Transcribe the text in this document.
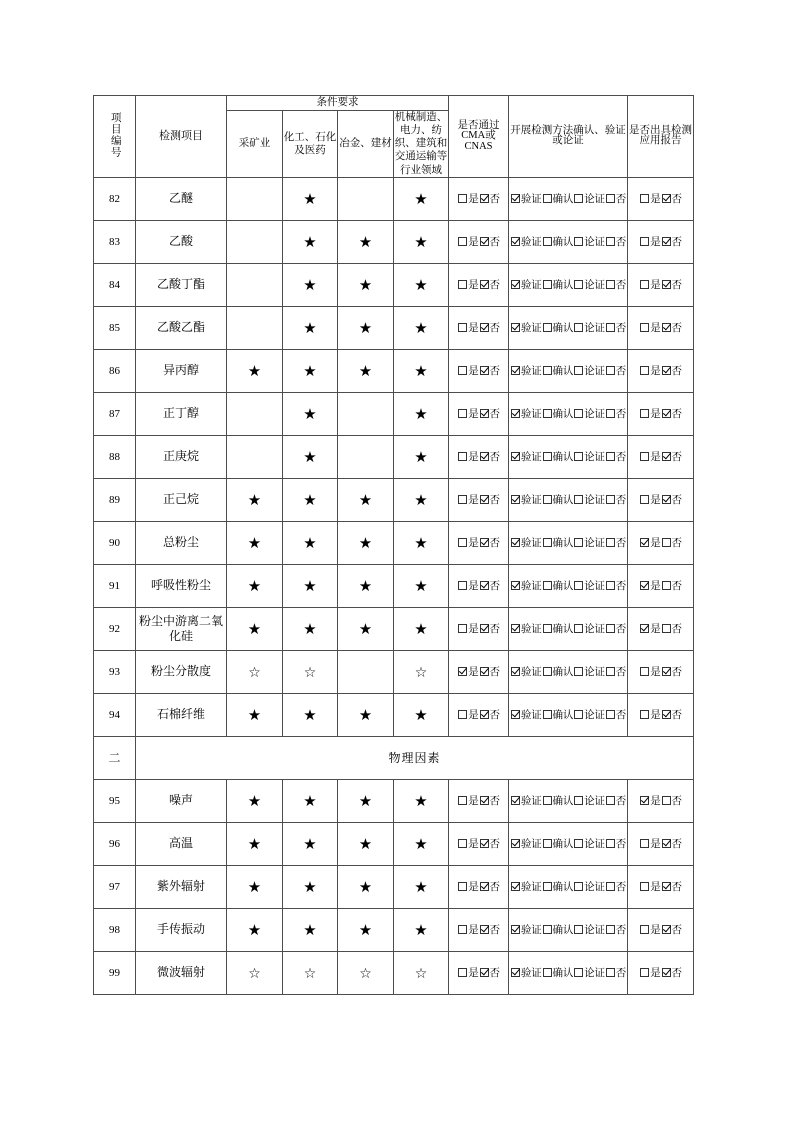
项目编号	检测项目	条件要求				是否通过CMA或CNAS	开展检测方法确认、验证或论证	是否出具检测应用报告
		采矿业	化工、石化及医药	冶金、建材	机械制造、电力、纺织、建筑和交通运输等行业领域			
82	乙醚		★		★	是 否	验证 确认 论证 否	是 否
83	乙酸		★	★	★	是 否	验证 确认 论证 否	是 否
84	乙酸丁酯		★	★	★	是 否	验证 确认 论证 否	是 否
85	乙酸乙酯		★	★	★	是 否	验证 确认 论证 否	是 否
86	异丙醇	★	★	★	★	是 否	验证 确认 论证 否	是 否
87	正丁醇		★		★	是 否	验证 确认 论证 否	是 否
88	正庚烷		★		★	是 否	验证 确认 论证 否	是 否
89	正己烷	★	★	★	★	是 否	验证 确认 论证 否	是 否
90	总粉尘	★	★	★	★	是 否	验证 确认 论证 否	是 否
91	呼吸性粉尘	★	★	★	★	是 否	验证 确认 论证 否	是 否
92	粉尘中游离二氧化硅	★	★	★	★	是 否	验证 确认 论证 否	是 否
93	粉尘分散度	☆	☆		☆	是 否	验证 确认 论证 否	是 否
94	石棉纤维	★	★	★	★	是 否	验证 确认 论证 否	是 否
二	物理因素							
95	噪声	★	★	★	★	是 否	验证 确认 论证 否	是 否
96	高温	★	★	★	★	是 否	验证 确认 论证 否	是 否
97	紫外辐射	★	★	★	★	是 否	验证 确认 论证 否	是 否
98	手传振动	★	★	★	★	是 否	验证 确认 论证 否	是 否
99	微波辐射	☆	☆	☆	☆	是 否	验证 确认 论证 否	是 否
